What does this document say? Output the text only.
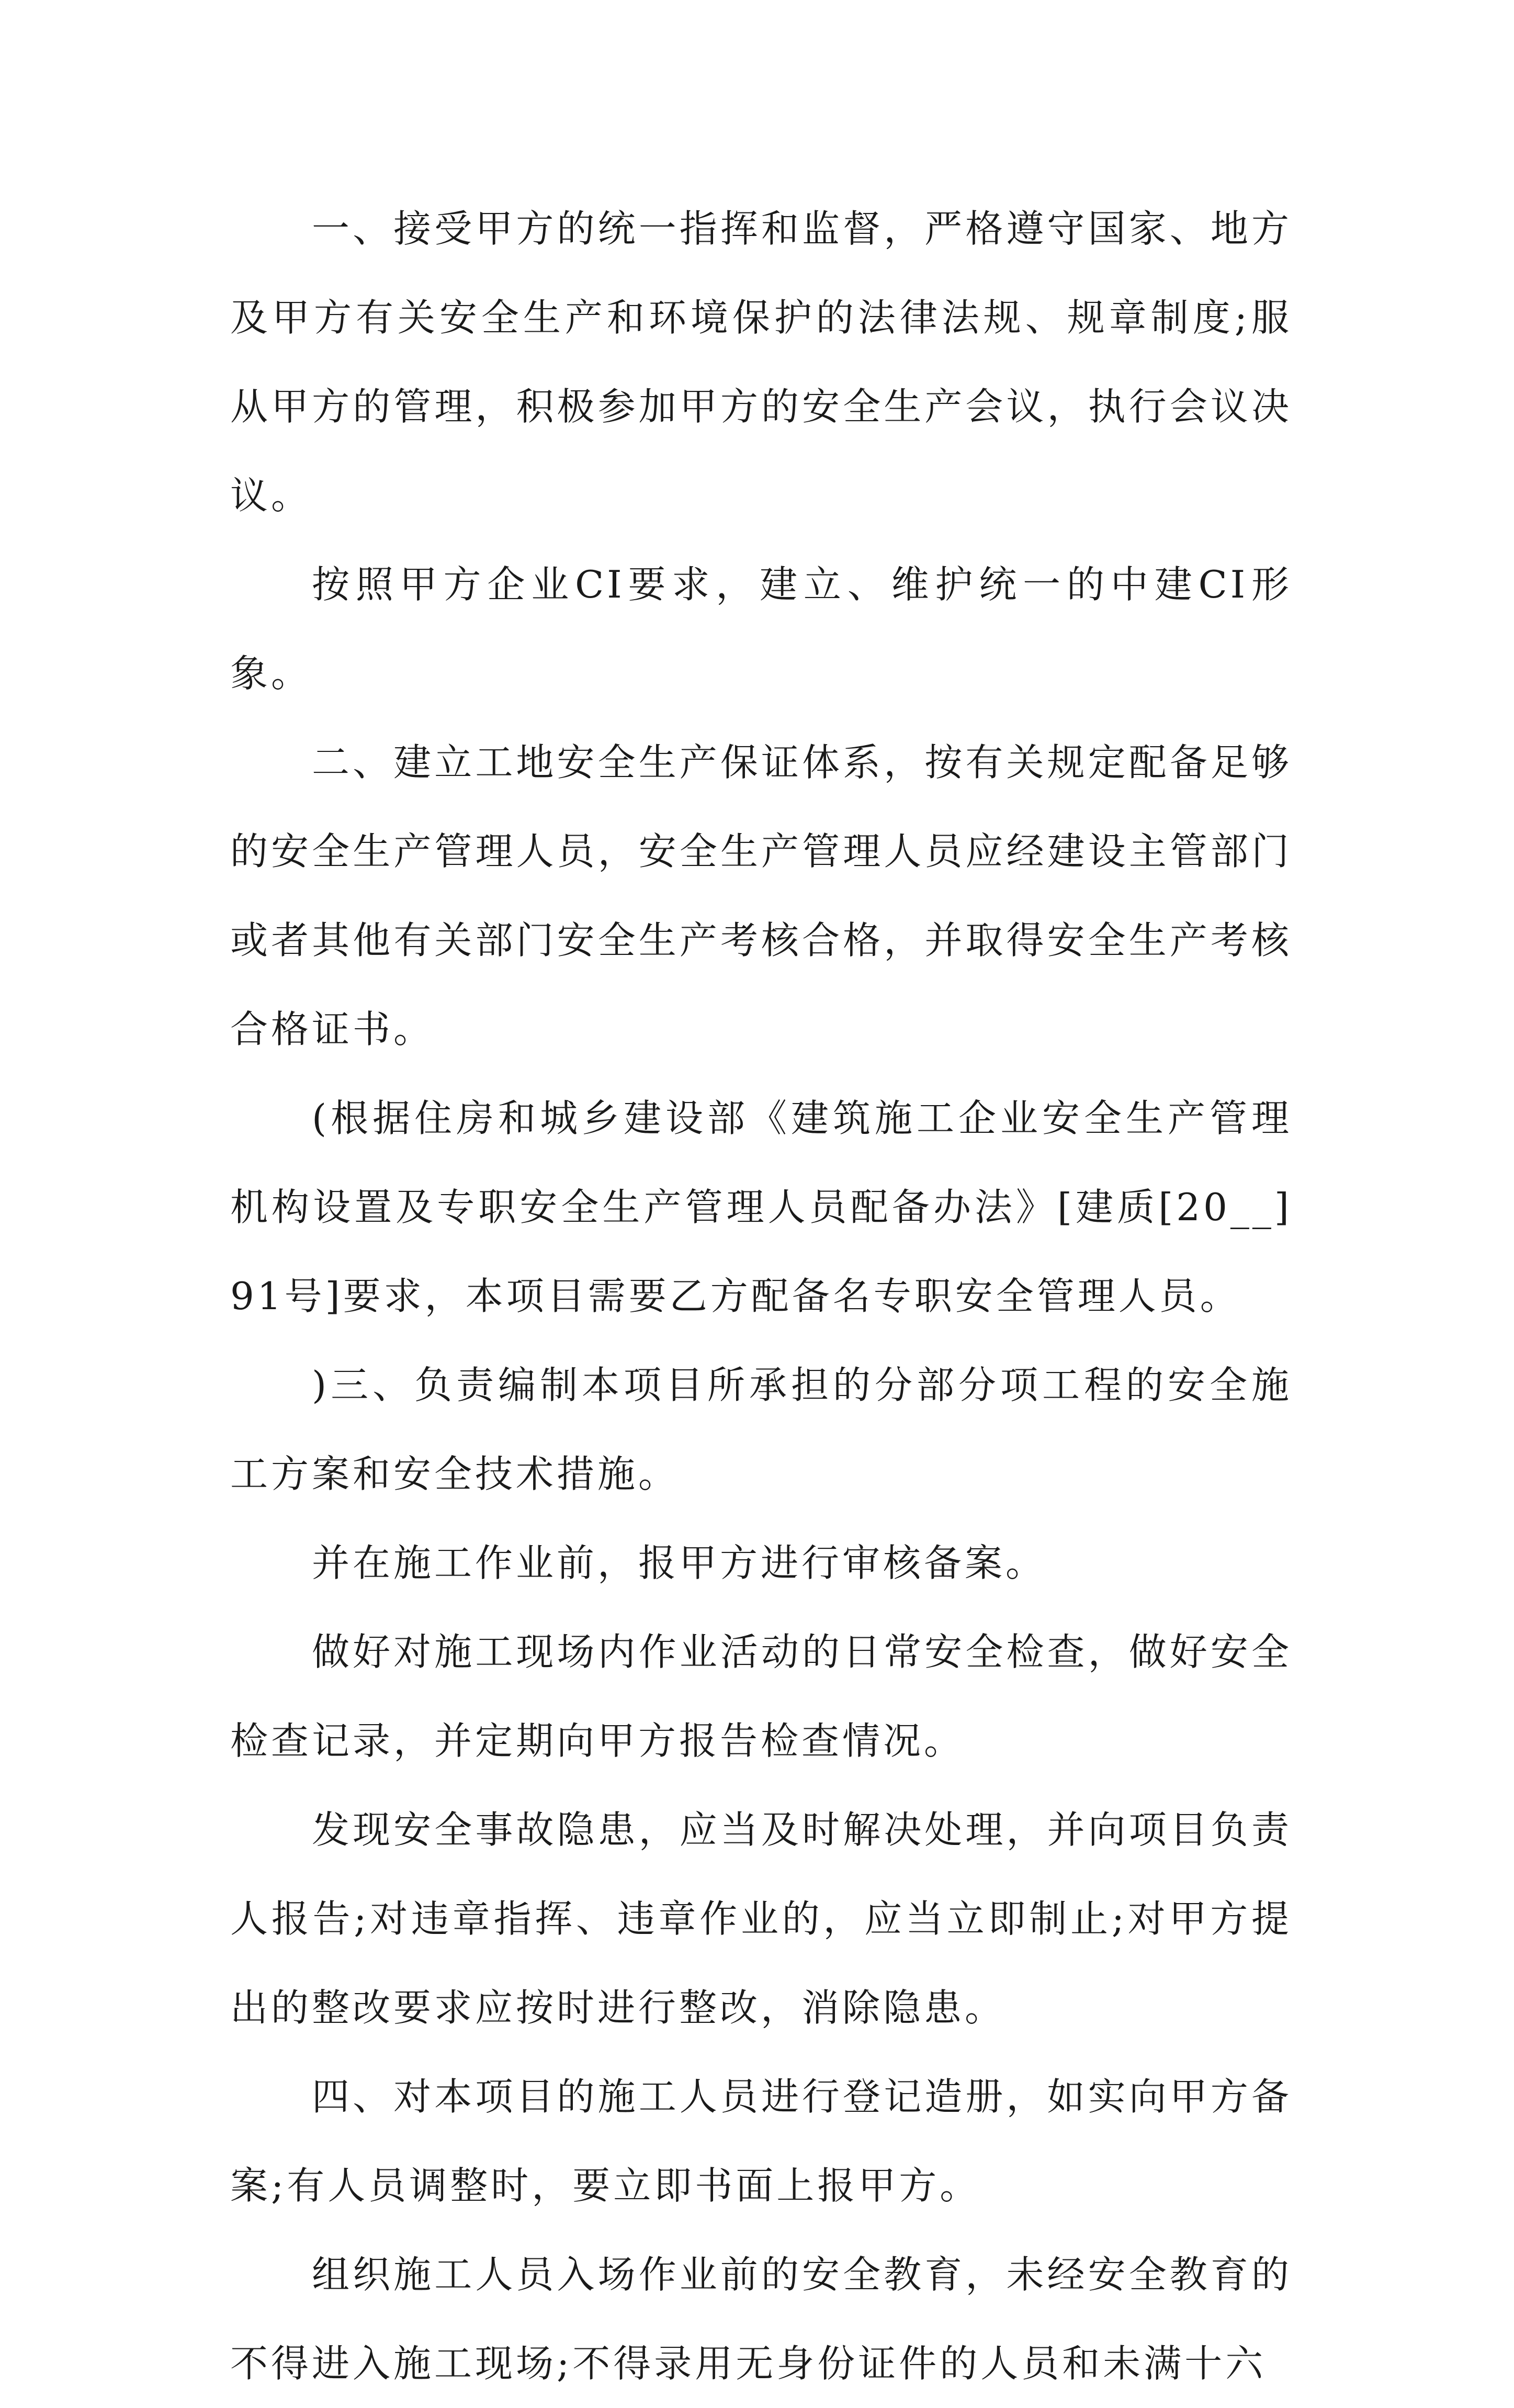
一、接受甲方的统一指挥和监督，严格遵守国家、地方及甲方有关安全生产和环境保护的法律法规、规章制度;服从甲方的管理，积极参加甲方的安全生产会议，执行会议决议。

按照甲方企业CI要求，建立、维护统一的中建CI形象。

二、建立工地安全生产保证体系，按有关规定配备足够的安全生产管理人员，安全生产管理人员应经建设主管部门或者其他有关部门安全生产考核合格，并取得安全生产考核合格证书。

(根据住房和城乡建设部《建筑施工企业安全生产管理机构设置及专职安全生产管理人员配备办法》[建质[20__]91号]要求，本项目需要乙方配备名专职安全管理人员。

)三、负责编制本项目所承担的分部分项工程的安全施工方案和安全技术措施。

并在施工作业前，报甲方进行审核备案。

做好对施工现场内作业活动的日常安全检查，做好安全检查记录，并定期向甲方报告检查情况。

发现安全事故隐患，应当及时解决处理，并向项目负责人报告;对违章指挥、违章作业的，应当立即制止;对甲方提出的整改要求应按时进行整改，消除隐患。

四、对本项目的施工人员进行登记造册，如实向甲方备案;有人员调整时，要立即书面上报甲方。

组织施工人员入场作业前的安全教育，未经安全教育的不得进入施工现场;不得录用无身份证件的人员和未满十六
